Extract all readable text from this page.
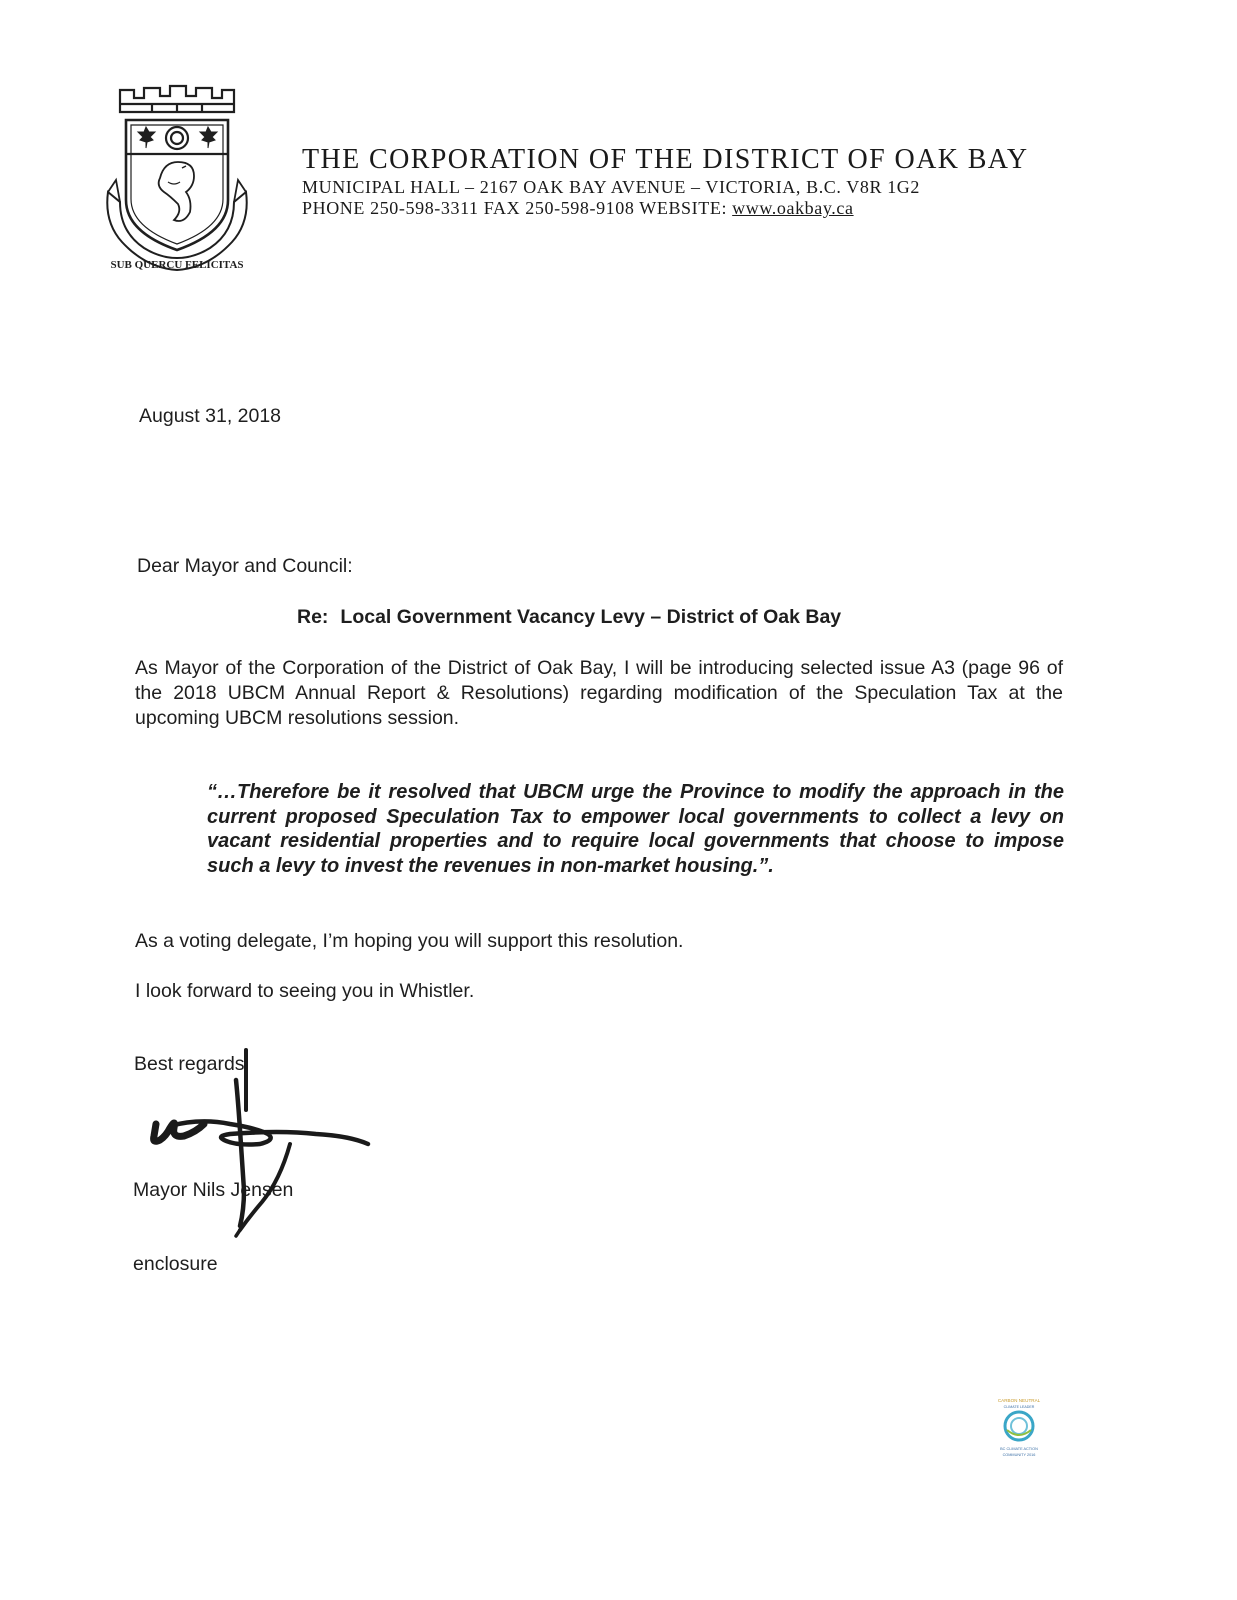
SUB QUERCU FELICITAS
THE CORPORATION OF THE DISTRICT OF OAK BAY
MUNICIPAL HALL – 2167 OAK BAY AVENUE – VICTORIA, B.C. V8R 1G2
PHONE 250-598-3311 FAX 250-598-9108 WEBSITE: www.oakbay.ca
August 31, 2018
Dear Mayor and Council:
Re: Local Government Vacancy Levy – District of Oak Bay
As Mayor of the Corporation of the District of Oak Bay, I will be introducing selected issue A3 (page 96 of the 2018 UBCM Annual Report & Resolutions) regarding modification of the Speculation Tax at the upcoming UBCM resolutions session.
“…Therefore be it resolved that UBCM urge the Province to modify the approach in the current proposed Speculation Tax to empower local governments to collect a levy on vacant residential properties and to require local governments that choose to impose such a levy to invest the revenues in non-market housing.”.
As a voting delegate, I’m hoping you will support this resolution.
I look forward to seeing you in Whistler.
Best regards
Mayor Nils Jensen
enclosure
CARBON NEUTRAL
CLIMATE LEADER
BC CLIMATE ACTION
COMMUNITY 2016
